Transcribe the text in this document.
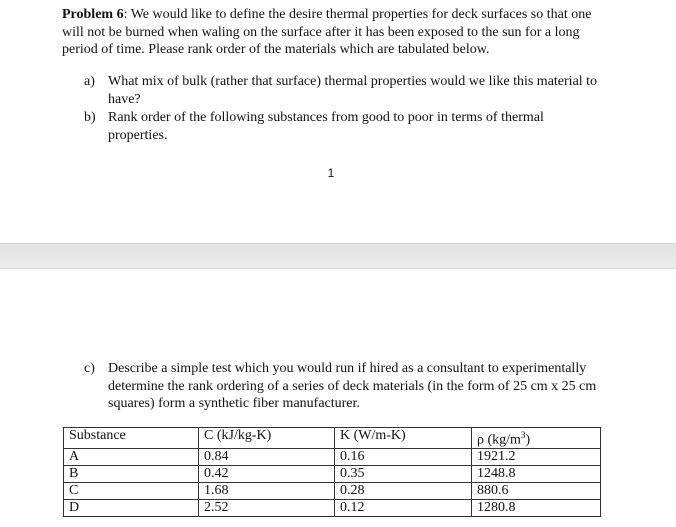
Problem 6: We would like to define the desire thermal properties for deck surfaces so that one will not be burned when waling on the surface after it has been exposed to the sun for a long period of time. Please rank order of the materials which are tabulated below.
a) What mix of bulk (rather that surface) thermal properties would we like this material to have?
b) Rank order of the following substances from good to poor in terms of thermal properties.
1
c) Describe a simple test which you would run if hired as a consultant to experimentally determine the rank ordering of a series of deck materials (in the form of 25 cm x 25 cm squares) form a synthetic fiber manufacturer.
Substance	C (kJ/kg-K)	K (W/m-K)	ρ $(kg/m^3)$
A	0.84	0.16	1921.2
B	0.42	0.35	1248.8
C	1.68	0.28	880.6
D	2.52	0.12	1280.8
